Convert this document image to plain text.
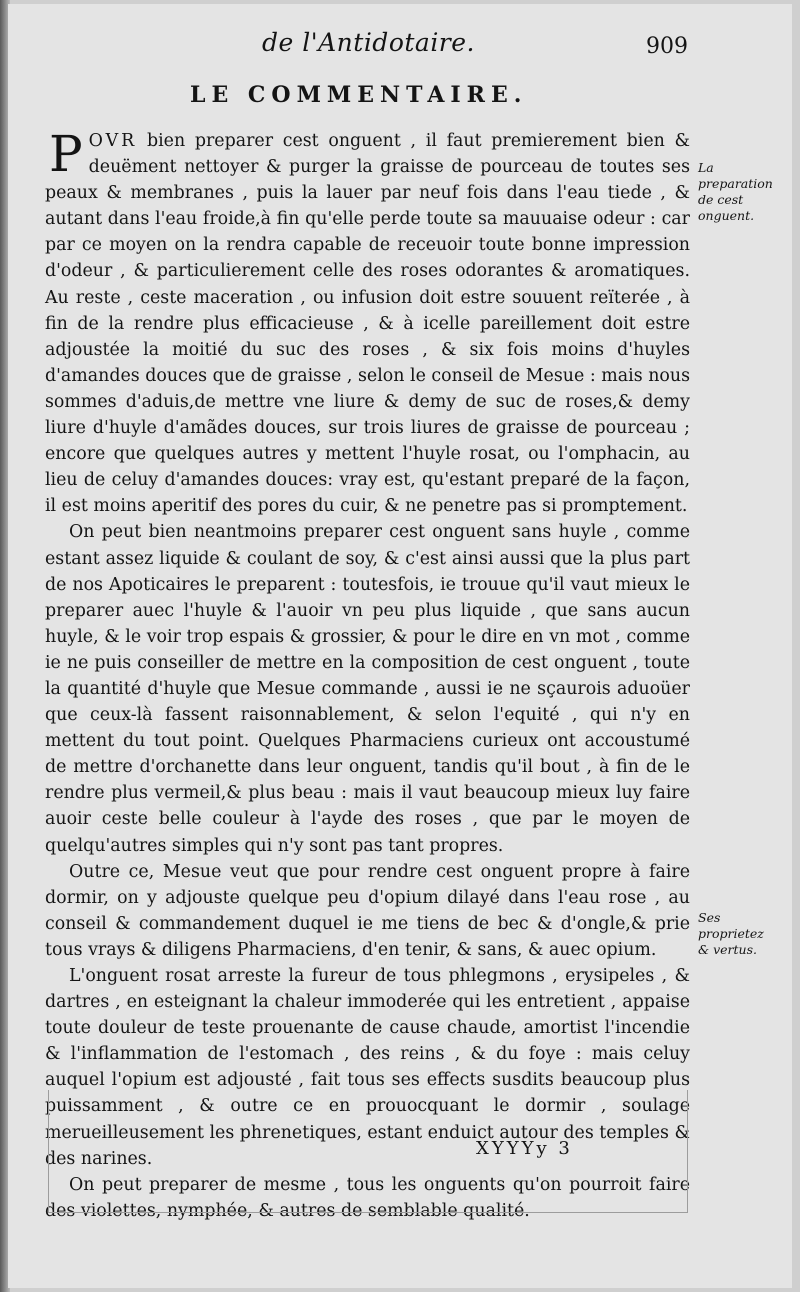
de l'Antidotaire.	909
LE COMMENTAIRE.

POVR bien preparer cest onguent , il faut premierement bien & deuëment nettoyer & purger la graisse de pourceau de toutes ses peaux & membranes , puis la lauer par neuf fois dans l'eau tiede , & autant dans l'eau froide,à fin qu'elle perde toute sa mauuaise odeur : car par ce moyen on la rendra capable de receuoir toute bonne impression d'odeur , & particulierement celle des roses odorantes & aromatiques. Au reste , ceste maceration , ou infusion doit estre souuent reïterée , à fin de la rendre plus efficacieuse , & à icelle pareillement doit estre adjoustée la moitié du suc des roses , & six fois moins d'huyles d'amandes douces que de graisse , selon le conseil de Mesue : mais nous sommes d'aduis,de mettre vne liure & demy de suc de roses,& demy liure d'huyle d'amãdes douces, sur trois liures de graisse de pourceau ; encore que quelques autres y mettent l'huyle rosat, ou l'omphacin, au lieu de celuy d'amandes douces: vray est, qu'estant preparé de la façon, il est moins aperitif des pores du cuir, & ne penetre pas si promptement.

On peut bien neantmoins preparer cest onguent sans huyle , comme estant assez liquide & coulant de soy, & c'est ainsi aussi que la plus part de nos Apoticaires le preparent : toutesfois, ie trouue qu'il vaut mieux le preparer auec l'huyle & l'auoir vn peu plus liquide , que sans aucun huyle, & le voir trop espais & grossier, & pour le dire en vn mot , comme ie ne puis conseiller de mettre en la composition de cest onguent , toute la quantité d'huyle que Mesue commande , aussi ie ne sçaurois aduoüer que ceux-là fassent raisonnablement, & selon l'equité , qui n'y en mettent du tout point. Quelques Pharmaciens curieux ont accoustumé de mettre d'orchanette dans leur onguent, tandis qu'il bout , à fin de le rendre plus vermeil,& plus beau : mais il vaut beaucoup mieux luy faire auoir ceste belle couleur à l'ayde des roses , que par le moyen de quelqu'autres simples qui n'y sont pas tant propres.

Outre ce, Mesue veut que pour rendre cest onguent propre à faire dormir, on y adjouste quelque peu d'opium dilayé dans l'eau rose , au conseil & commandement duquel ie me tiens de bec & d'ongle,& prie tous vrays & diligens Pharmaciens, d'en tenir, & sans, & auec opium.

L'onguent rosat arreste la fureur de tous phlegmons , erysipeles , & dartres , en esteignant la chaleur immoderée qui les entretient , appaise toute douleur de teste prouenante de cause chaude, amortist l'incendie & l'inflammation de l'estomach , des reins , & du foye : mais celuy auquel l'opium est adjousté , fait tous ses effects susdits beaucoup plus puissamment , & outre ce en prouocquant le dormir , soulage merueilleusement les phrenetiques, estant enduict autour des temples & des narines.

On peut preparer de mesme , tous les onguents qu'on pourroit faire des violettes, nymphée, & autres de semblable qualité.

La preparation de cest onguent.
Ses proprietez & vertus.
XYYYy 3
